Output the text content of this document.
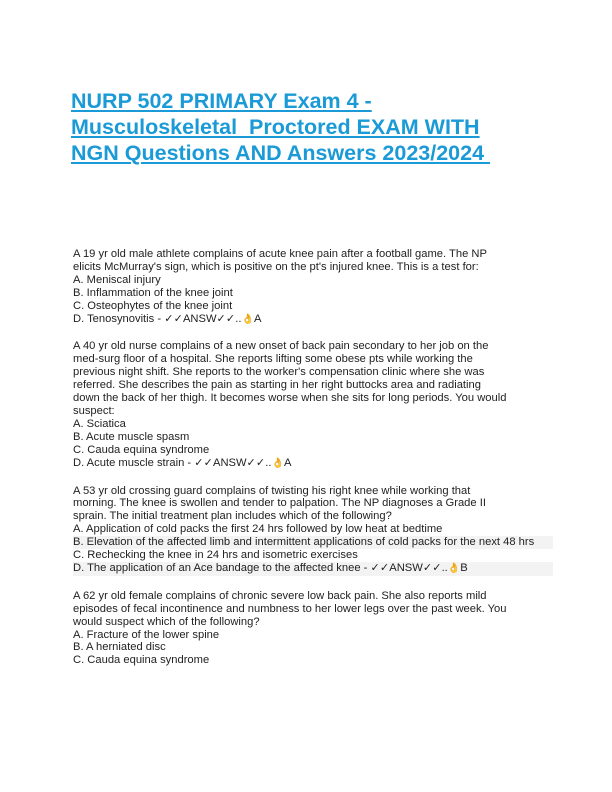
NURP 502 PRIMARY Exam 4 -
Musculoskeletal  Proctored EXAM WITH
NGN Questions AND Answers 2023/2024

A 19 yr old male athlete complains of acute knee pain after a football game. The NP
elicits McMurray's sign, which is positive on the pt's injured knee. This is a test for:

A. Meniscal injury
B. Inflammation of the knee joint
C. Osteophytes of the knee joint
D. Tenosynovitis - ✓✓ANSW✓✓..👌A

A 40 yr old nurse complains of a new onset of back pain secondary to her job on the
med-surg floor of a hospital. She reports lifting some obese pts while working the
previous night shift. She reports to the worker's compensation clinic where she was
referred. She describes the pain as starting in her right buttocks area and radiating
down the back of her thigh. It becomes worse when she sits for long periods. You would
suspect:

A. Sciatica
B. Acute muscle spasm
C. Cauda equina syndrome
D. Acute muscle strain - ✓✓ANSW✓✓..👌A

A 53 yr old crossing guard complains of twisting his right knee while working that
morning. The knee is swollen and tender to palpation. The NP diagnoses a Grade II
sprain. The initial treatment plan includes which of the following?

A. Application of cold packs the first 24 hrs followed by low heat at bedtime
B. Elevation of the affected limb and intermittent applications of cold packs for the next 48 hrs
C. Rechecking the knee in 24 hrs and isometric exercises
D. The application of an Ace bandage to the affected knee - ✓✓ANSW✓✓..👌B

A 62 yr old female complains of chronic severe low back pain. She also reports mild
episodes of fecal incontinence and numbness to her lower legs over the past week. You
would suspect which of the following?

A. Fracture of the lower spine
B. A herniated disc
C. Cauda equina syndrome
